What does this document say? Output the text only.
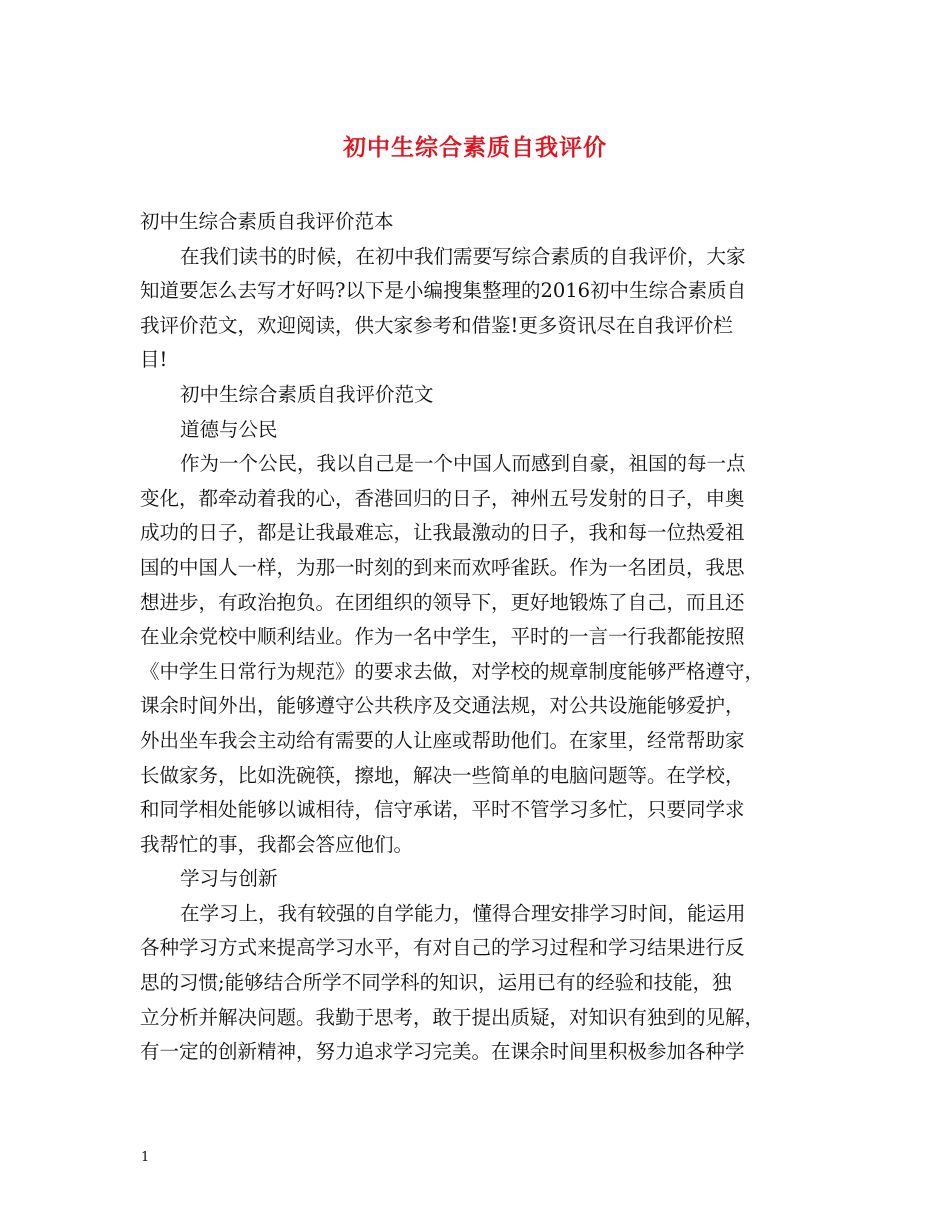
初中生综合素质自我评价
初中生综合素质自我评价范本
在我们读书的时候，在初中我们需要写综合素质的自我评价，大家
知道要怎么去写才好吗?以下是小编搜集整理的2016初中生综合素质自
我评价范文，欢迎阅读，供大家参考和借鉴!更多资讯尽在自我评价栏
目!
初中生综合素质自我评价范文
道德与公民
作为一个公民，我以自己是一个中国人而感到自豪，祖国的每一点
变化，都牵动着我的心，香港回归的日子，神州五号发射的日子，申奥
成功的日子，都是让我最难忘，让我最激动的日子，我和每一位热爱祖
国的中国人一样，为那一时刻的到来而欢呼雀跃。作为一名团员，我思
想进步，有政治抱负。在团组织的领导下，更好地锻炼了自己，而且还
在业余党校中顺利结业。作为一名中学生，平时的一言一行我都能按照
《中学生日常行为规范》的要求去做，对学校的规章制度能够严格遵守，
课余时间外出，能够遵守公共秩序及交通法规，对公共设施能够爱护，
外出坐车我会主动给有需要的人让座或帮助他们。在家里，经常帮助家
长做家务，比如洗碗筷，擦地，解决一些简单的电脑问题等。在学校，
和同学相处能够以诚相待，信守承诺，平时不管学习多忙，只要同学求
我帮忙的事，我都会答应他们。
学习与创新
在学习上，我有较强的自学能力，懂得合理安排学习时间，能运用
各种学习方式来提高学习水平，有对自己的学习过程和学习结果进行反
思的习惯;能够结合所学不同学科的知识，运用已有的经验和技能，独
立分析并解决问题。我勤于思考，敢于提出质疑，对知识有独到的见解，
有一定的创新精神，努力追求学习完美。在课余时间里积极参加各种学
1
